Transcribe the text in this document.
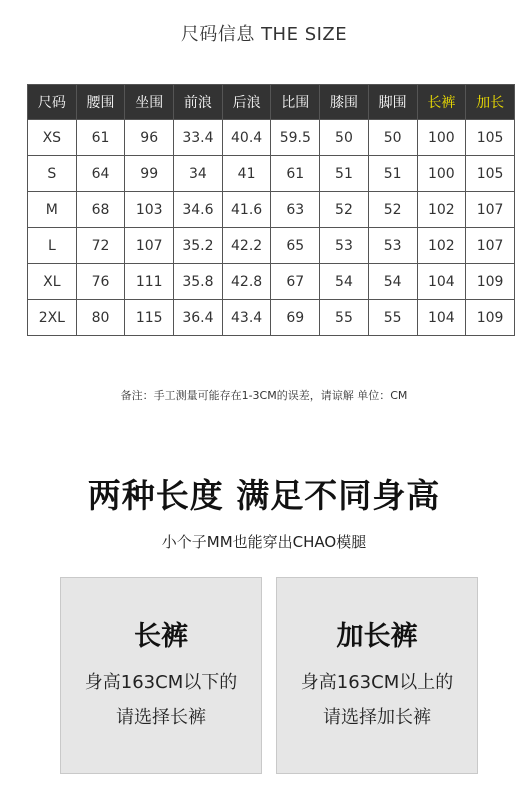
尺码信息 THE SIZE
尺码	腰围	坐围	前浪	后浪	比围	膝围	脚围	长裤	加长
XS	61	96	33.4	40.4	59.5	50	50	100	105
S	64	99	34	41	61	51	51	100	105
M	68	103	34.6	41.6	63	52	52	102	107
L	72	107	35.2	42.2	65	53	53	102	107
XL	76	111	35.8	42.8	67	54	54	104	109
2XL	80	115	36.4	43.4	69	55	55	104	109
备注：手工测量可能存在1-3CM的误差，请谅解 单位：CM
两种长度 满足不同身高
小个子MM也能穿出CHAO模腿
长裤
身高163CM以下的
请选择长裤
加长裤
身高163CM以上的
请选择加长裤
